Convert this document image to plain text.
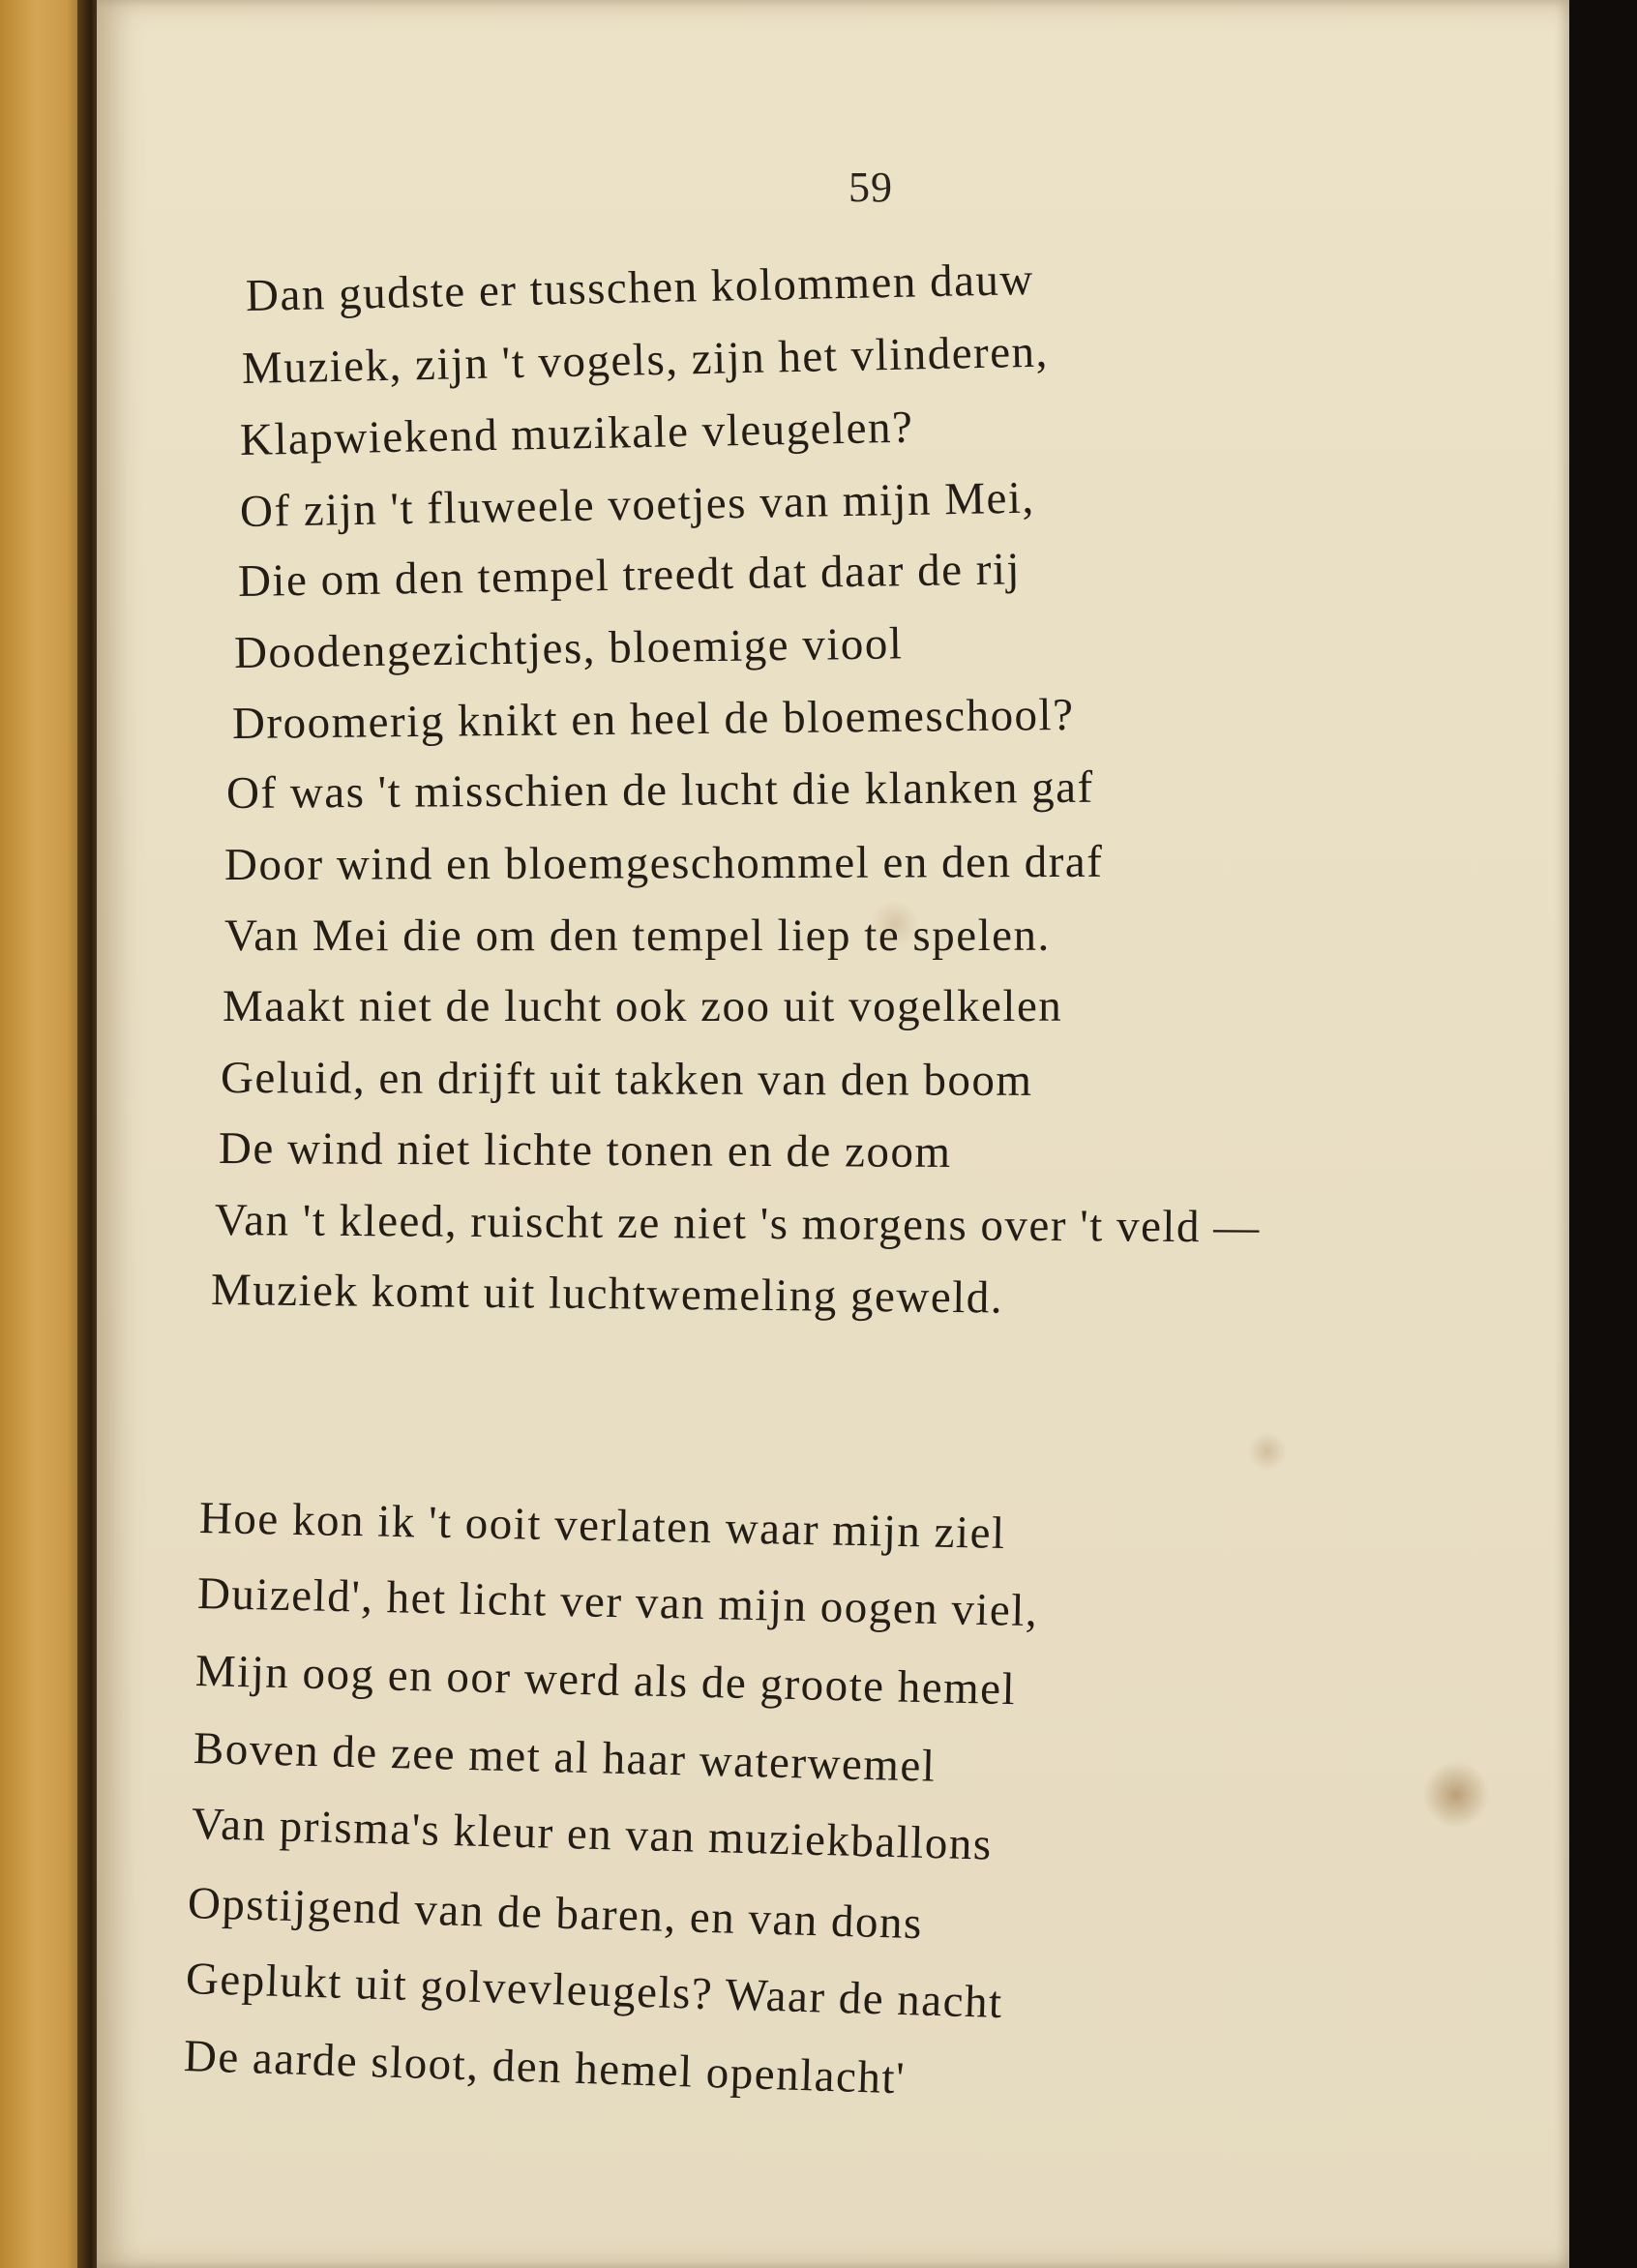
59
Dan gudste er tusschen kolommen dauw
Muziek, zijn 't vogels, zijn het vlinderen,
Klapwiekend muzikale vleugelen?
Of zijn 't fluweele voetjes van mijn Mei,
Die om den tempel treedt dat daar de rij
Doodengezichtjes, bloemige viool
Droomerig knikt en heel de bloemeschool?
Of was 't misschien de lucht die klanken gaf
Door wind en bloemgeschommel en den draf
Van Mei die om den tempel liep te spelen.
Maakt niet de lucht ook zoo uit vogelkelen
Geluid, en drijft uit takken van den boom
De wind niet lichte tonen en de zoom
Van 't kleed, ruischt ze niet 's morgens over 't veld —
Muziek komt uit luchtwemeling geweld.
Hoe kon ik 't ooit verlaten waar mijn ziel
Duizeld', het licht ver van mijn oogen viel,
Mijn oog en oor werd als de groote hemel
Boven de zee met al haar waterwemel
Van prisma's kleur en van muziekballons
Opstijgend van de baren, en van dons
Geplukt uit golvevleugels? Waar de nacht
De aarde sloot, den hemel openlacht'
